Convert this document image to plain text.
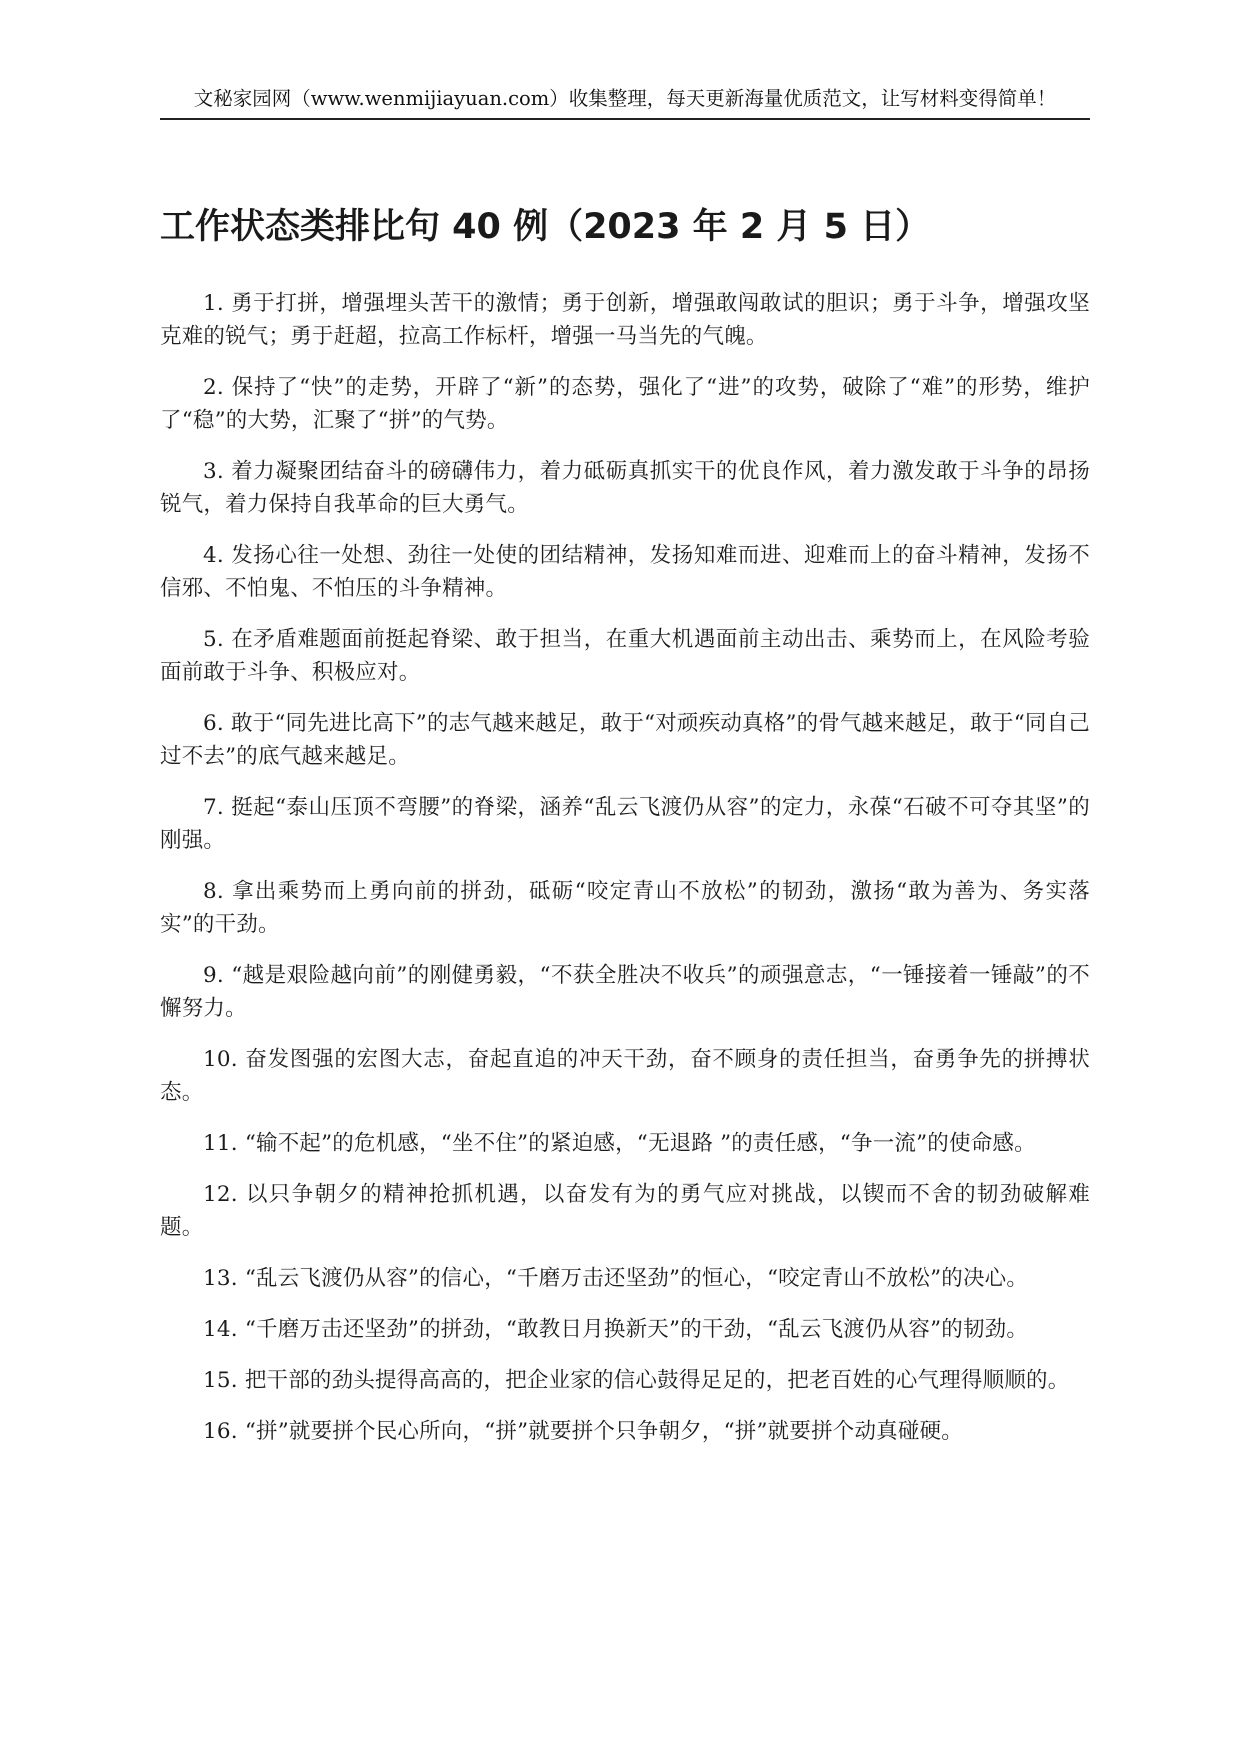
文秘家园网（www.wenmijiayuan.com）收集整理，每天更新海量优质范文，让写材料变得简单！
工作状态类排比句 40 例（2023 年 2 月 5 日）

1. 勇于打拼，增强埋头苦干的激情；勇于创新，增强敢闯敢试的胆识；勇于斗争，增强攻坚克难的锐气；勇于赶超，拉高工作标杆，增强一马当先的气魄。

2. 保持了“快”的走势，开辟了“新”的态势，强化了“进”的攻势，破除了“难”的形势，维护了“稳”的大势，汇聚了“拼”的气势。

3. 着力凝聚团结奋斗的磅礴伟力，着力砥砺真抓实干的优良作风，着力激发敢于斗争的昂扬锐气，着力保持自我革命的巨大勇气。

4. 发扬心往一处想、劲往一处使的团结精神，发扬知难而进、迎难而上的奋斗精神，发扬不信邪、不怕鬼、不怕压的斗争精神。

5. 在矛盾难题面前挺起脊梁、敢于担当，在重大机遇面前主动出击、乘势而上，在风险考验面前敢于斗争、积极应对。

6. 敢于“同先进比高下”的志气越来越足，敢于“对顽疾动真格”的骨气越来越足，敢于“同自己过不去”的底气越来越足。

7. 挺起“泰山压顶不弯腰”的脊梁，涵养“乱云飞渡仍从容”的定力，永葆“石破不可夺其坚”的刚强。

8. 拿出乘势而上勇向前的拼劲，砥砺“咬定青山不放松”的韧劲，激扬“敢为善为、务实落实”的干劲。

9. “越是艰险越向前”的刚健勇毅，“不获全胜决不收兵”的顽强意志，“一锤接着一锤敲”的不懈努力。

10. 奋发图强的宏图大志，奋起直追的冲天干劲，奋不顾身的责任担当，奋勇争先的拼搏状态。

11. “输不起”的危机感，“坐不住”的紧迫感，“无退路 ”的责任感，“争一流”的使命感。

12. 以只争朝夕的精神抢抓机遇，以奋发有为的勇气应对挑战，以锲而不舍的韧劲破解难题。

13. “乱云飞渡仍从容”的信心，“千磨万击还坚劲”的恒心，“咬定青山不放松”的决心。

14. “千磨万击还坚劲”的拼劲，“敢教日月换新天”的干劲，“乱云飞渡仍从容”的韧劲。

15. 把干部的劲头提得高高的，把企业家的信心鼓得足足的，把老百姓的心气理得顺顺的。

16. “拼”就要拼个民心所向，“拼”就要拼个只争朝夕，“拼”就要拼个动真碰硬。
